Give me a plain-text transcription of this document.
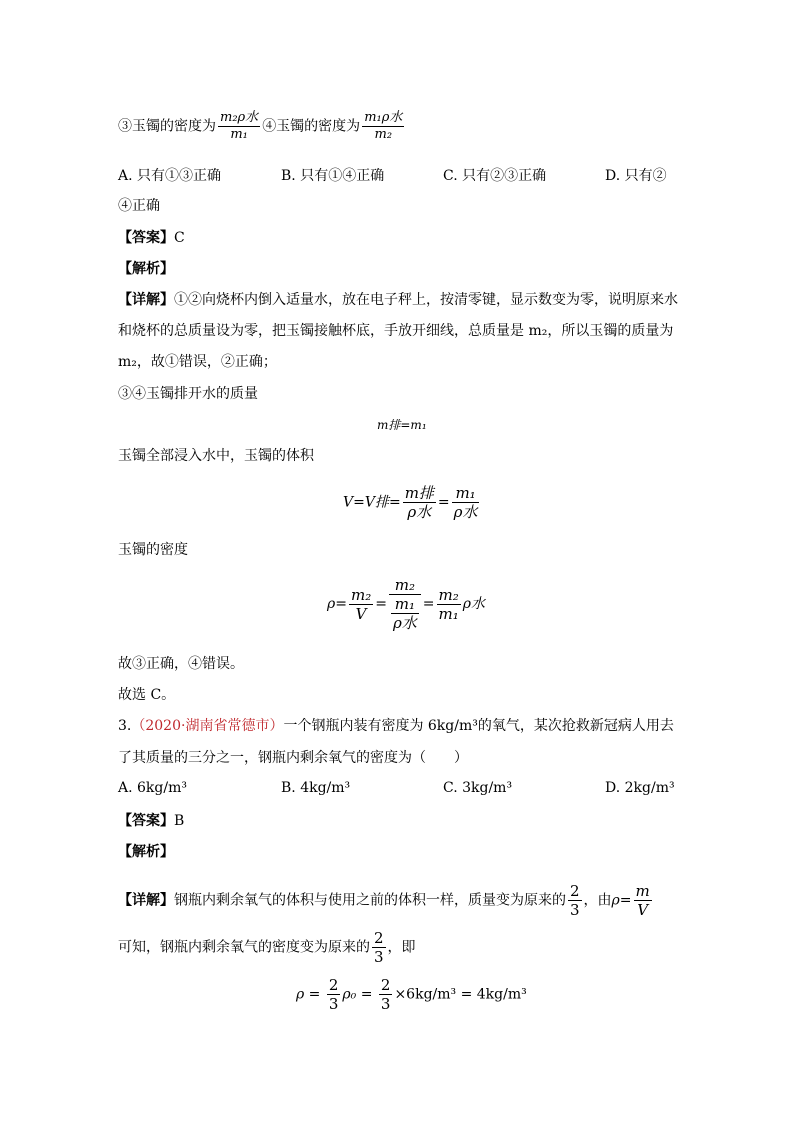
③玉镯的密度为 $\frac{\text{m₂ρ水}}{\text{m₁}}$ ④玉镯的密度为 $\frac{\text{m₁ρ水}}{\text{m₂}}$
A. 只有①③正确	B. 只有①④正确	C. 只有②③正确	D. 只有②
④正确
【答案】C
【解析】
【详解】①②向烧杯内倒入适量水，放在电子秤上，按清零键，显示数变为零，说明原来水
和烧杯的总质量设为零，把玉镯接触杯底，手放开细线，总质量是 m₂，所以玉镯的质量为
m₂，故①错误，②正确；
③④玉镯排开水的质量
m排=m₁
玉镯全部浸入水中，玉镯的体积
V=V排= $\frac{\text{m排}}{\text{ρ水}} = \frac{\text{m₁}}{\text{ρ水}}$
玉镯的密度
$\rho= \frac{\text{m₂}}{V} = \frac{\text{m₂}}{\frac{\text{m₁}}{\text{ρ水}}} = \frac{\text{m₂}}{\text{m₁}}$ ρ水
故③正确，④错误。
故选 C。
3.（2020·湖南省常德市）一个钢瓶内装有密度为 6kg/m³的氧气，某次抢救新冠病人用去
了其质量的三分之一，钢瓶内剩余氧气的密度为（　　）
A. 6kg/m³	B. 4kg/m³	C. 3kg/m³	D. 2kg/m³
【答案】B
【解析】
【详解】钢瓶内剩余氧气的体积与使用之前的体积一样，质量变为原来的 $\frac{2}{3}$ ，由$\rho= \frac{m}{V}$
可知，钢瓶内剩余氧气的密度变为原来的 $\frac{2}{3}$ ，即
$\rho = \frac{2}{3} \rho_0 = \frac{2}{3} \times 6kg/m^3 = 4kg/m^3$
